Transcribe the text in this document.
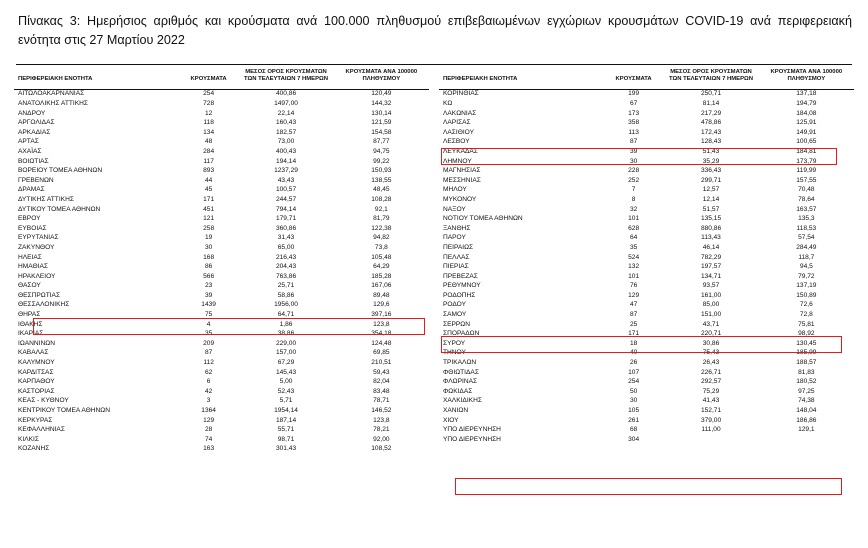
Πίνακας 3: Ημερήσιος αριθμός και κρούσματα ανά 100.000 πληθυσμού επιβεβαιωμένων εγχώριων κρουσμάτων COVID-19 ανά περιφερειακή ενότητα στις 27 Μαρτίου 2022
ΠΕΡΙΦΕΡΕΙΑΚΗ ΕΝΟΤΗΤΑ	ΚΡΟΥΣΜΑΤΑ	ΜΕΣΟΣ ΟΡΟΣ ΚΡΟΥΣΜΑΤΩΝ ΤΩΝ ΤΕΛΕΥΤΑΙΩΝ 7 ΗΜΕΡΩΝ	ΚΡΟΥΣΜΑΤΑ ΑΝΑ 100000 ΠΛΗΘΥΣΜΟΥ
ΑΙΤΩΛΟΑΚΑΡΝΑΝΙΑΣ	254	400,86	120,49
ΑΝΑΤΟΛΙΚΗΣ ΑΤΤΙΚΗΣ	728	1497,00	144,32
ΑΝΔΡΟΥ	12	22,14	130,14
ΑΡΓΟΛΙΔΑΣ	118	160,43	121,59
ΑΡΚΑΔΙΑΣ	134	182,57	154,58
ΑΡΤΑΣ	48	73,00	87,77
ΑΧΑΪΑΣ	284	400,43	94,75
ΒΟΙΩΤΙΑΣ	117	194,14	99,22
ΒΟΡΕΙΟΥ ΤΟΜΕΑ ΑΘΗΝΩΝ	893	1237,29	150,93
ΓΡΕΒΕΝΩΝ	44	43,43	138,55
ΔΡΑΜΑΣ	45	100,57	48,45
ΔΥΤΙΚΗΣ ΑΤΤΙΚΗΣ	171	244,57	108,28
ΔΥΤΙΚΟΥ ΤΟΜΕΑ ΑΘΗΝΩΝ	451	794,14	92,1
ΕΒΡΟΥ	121	179,71	81,79
ΕΥΒΟΙΑΣ	258	360,86	122,38
ΕΥΡΥΤΑΝΙΑΣ	19	31,43	94,82
ΖΑΚΥΝΘΟΥ	30	65,00	73,8
ΗΛΕΙΑΣ	168	216,43	105,48
ΗΜΑΘΙΑΣ	86	204,43	64,29
ΗΡΑΚΛΕΙΟΥ	566	763,86	185,28
ΘΑΣΟΥ	23	25,71	167,06
ΘΕΣΠΡΩΤΙΑΣ	39	58,86	89,48
ΘΕΣΣΑΛΟΝΙΚΗΣ	1439	1956,00	129,6
ΘΗΡΑΣ	75	64,71	397,16
ΙΘΑΚΗΣ	4	1,86	123,8
ΙΚΑΡΙΑΣ	35	38,86	354,18
ΙΩΑΝΝΙΝΩΝ	209	229,00	124,48
ΚΑΒΑΛΑΣ	87	157,00	69,85
ΚΑΛΥΜΝΟΥ	112	67,29	210,51
ΚΑΡΔΙΤΣΑΣ	62	145,43	59,43
ΚΑΡΠΑΘΟΥ	6	5,00	82,04
ΚΑΣΤΟΡΙΑΣ	42	52,43	83,48
ΚΕΑΣ - ΚΥΘΝΟΥ	3	5,71	78,71
ΚΕΝΤΡΙΚΟΥ ΤΟΜΕΑ ΑΘΗΝΩΝ	1364	1954,14	146,52
ΚΕΡΚΥΡΑΣ	129	187,14	123,8
ΚΕΦΑΛΛΗΝΙΑΣ	28	55,71	78,21
ΚΙΛΚΙΣ	74	98,71	92,00
ΚΟΖΑΝΗΣ	163	301,43	108,52
ΠΕΡΙΦΕΡΕΙΑΚΗ ΕΝΟΤΗΤΑ	ΚΡΟΥΣΜΑΤΑ	ΜΕΣΟΣ ΟΡΟΣ ΚΡΟΥΣΜΑΤΩΝ ΤΩΝ ΤΕΛΕΥΤΑΙΩΝ 7 ΗΜΕΡΩΝ	ΚΡΟΥΣΜΑΤΑ ΑΝΑ 100000 ΠΛΗΘΥΣΜΟΥ
ΚΟΡΙΝΘΙΑΣ	199	250,71	137,18
ΚΩ	67	81,14	194,79
ΛΑΚΩΝΙΑΣ	173	217,29	184,08
ΛΑΡΙΣΑΣ	358	478,86	125,91
ΛΑΣΙΘΙΟΥ	113	172,43	149,91
ΛΕΣΒΟΥ	87	128,43	100,65
ΛΕΥΚΑΔΑΣ	39	51,43	184,81
ΛΗΜΝΟΥ	30	35,29	173,79
ΜΑΓΝΗΣΙΑΣ	228	336,43	119,99
ΜΕΣΣΗΝΙΑΣ	252	299,71	157,55
ΜΗΛΟΥ	7	12,57	70,48
ΜΥΚΟΝΟΥ	8	12,14	78,64
ΝΑΞΟΥ	32	51,57	163,57
ΝΟΤΙΟΥ ΤΟΜΕΑ ΑΘΗΝΩΝ	101	135,15	135,3
ΞΑΝΘΗΣ	628	880,86	118,53
ΠΑΡΟΥ	64	113,43	57,54
ΠΕΙΡΑΙΩΣ	35	46,14	284,49
ΠΕΛΛΑΣ	524	782,29	118,7
ΠΙΕΡΙΑΣ	132	197,57	94,5
ΠΡΕΒΕΖΑΣ	101	134,71	79,72
ΡΕΘΥΜΝΟΥ	76	93,57	137,19
ΡΟΔΟΠΗΣ	129	161,00	150,89
ΡΟΔΟΥ	47	85,00	72,6
ΣΑΜΟΥ	87	151,00	72,8
ΣΕΡΡΩΝ	25	43,71	75,81
ΣΠΟΡΑΔΩΝ	171	220,71	98,92
ΣΥΡΟΥ	18	30,86	130,45
ΤΗΝΟΥ	40	75,43	185,99
ΤΡΙΚΑΛΩΝ	26	26,43	188,57
ΦΘΙΩΤΙΔΑΣ	107	226,71	81,83
ΦΛΩΡΙΝΑΣ	254	292,57	180,52
ΦΩΚΙΔΑΣ	50	75,29	97,25
ΧΑΛΚΙΔΙΚΗΣ	30	41,43	74,38
ΧΑΝΙΩΝ	105	152,71	148,04
ΧΙΟΥ	261	379,00	186,86
ΥΠΟ ΔΙΕΡΕΥΝΗΣΗ	68	111,00	129,1
ΥΠΟ ΔΙΕΡΕΥΝΗΣΗ	304		
